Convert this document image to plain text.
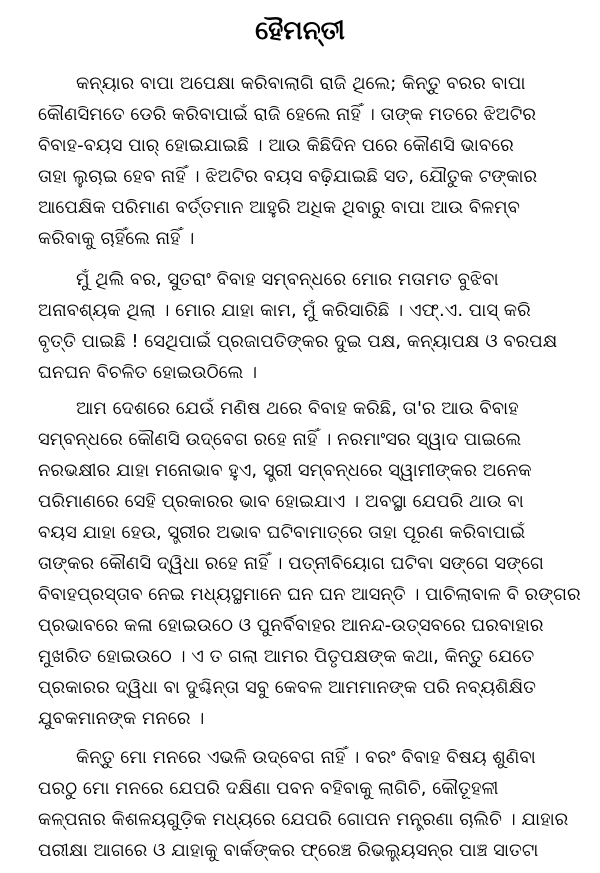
ହୈମନ୍ତୀ
କନ୍ୟାର ବାପା ଅପେକ୍ଷା କରିବାଲାଗି ରାଜି ଥିଲେ; କିନ୍ତୁ ବରର ବାପା
କୌଣସିମତେ ଡେରି କରିବାପାଇଁ ରାଜି ହେଲେ ନାହିଁ । ତାଙ୍କ ମତରେ ଝିଅଟିର
ବିବାହ-ବୟସ ପାର୍ ହୋଇଯାଇଛି । ଆଉ କିଛିଦିନ ପରେ କୌଣସି ଭାବରେ
ତାହା ଲୁଚାଇ ହେବ ନାହିଁ । ଝିଅଟିର ବୟସ ବଢ଼ିଯାଇଛି ସତ, ଯୌତୁକ ଟଙ୍କାର
ଆପେକ୍ଷିକ ପରିମାଣ ବର୍ତ୍ତମାନ ଆହୁରି ଅଧିକ ଥିବାରୁ ବାପା ଆଉ ବିଳମ୍ବ
କରିବାକୁ ଚାହିଁଲେ ନାହିଁ ।
ମୁଁ ଥିଲି ବର, ସୁତରାଂ ବିବାହ ସମ୍ବନ୍ଧରେ ମୋର ମତାମତ ବୁଝିବା
ଅନାବଶ୍ୟକ ଥିଲା । ମୋର ଯାହା କାମ, ମୁଁ କରିସାରିଛି । ଏଫ୍.ଏ. ପାସ୍ କରି
ବୃତ୍ତି ପାଇଛି ! ସେଥିପାଇଁ ପ୍ରଜାପତିଙ୍କର ଦୁଇ ପକ୍ଷ, କନ୍ୟାପକ୍ଷ ଓ ବରପକ୍ଷ
ଘନଘନ ବିଚଳିତ ହୋଇଉଠିଲେ ।
ଆମ ଦେଶରେ ଯେଉଁ ମଣିଷ ଥରେ ବିବାହ କରିଛି, ତା'ର ଆଉ ବିବାହ
ସମ୍ବନ୍ଧରେ କୌଣସି ଉଦ୍‌ବେଗ ରହେ ନାହିଁ । ନରମାଂସର ସ୍ୱାଦ ପାଇଲେ
ନରଭକ୍ଷୀର ଯାହା ମନୋଭାବ ହୁଏ, ସ୍ତ୍ରୀ ସମ୍ବନ୍ଧରେ ସ୍ୱାମୀଙ୍କର ଅନେକ
ପରିମାଣରେ ସେହି ପ୍ରକାରର ଭାବ ହୋଇଯାଏ । ଅବସ୍ଥା ଯେପରି ଥାଉ ବା
ବୟସ ଯାହା ହେଉ, ସ୍ତ୍ରୀର ଅଭାବ ଘଟିବାମାତ୍ରେ ତାହା ପୂରଣ କରିବାପାଇଁ
ତାଙ୍କର କୌଣସି ଦ୍ୱିଧା ରହେ ନାହିଁ । ପତ୍ନୀବିୟୋଗ ଘଟିବା ସଙ୍ଗେ ସଙ୍ଗେ
ବିବାହପ୍ରସ୍ତାବ ନେଇ ମଧ୍ୟସ୍ଥମାନେ ଘନ ଘନ ଆସନ୍ତି । ପାଚିଲାବାଳ ବି ରଙ୍ଗର
ପ୍ରଭାବରେ କଳା ହୋଇଉଠେ ଓ ପୁନର୍ବିବାହର ଆନନ୍ଦ-ଉତ୍ସବରେ ଘରବାହାର
ମୁଖରିତ ହୋଇଉଠେ । ଏ ତ ଗଲା ଆମର ପିତୃପକ୍ଷଙ୍କ କଥା, କିନ୍ତୁ ଯେତେ
ପ୍ରକାରର ଦ୍ୱିଧା ବା ଦୁଶ୍ଚିନ୍ତା ସବୁ କେବଳ ଆମମାନଙ୍କ ପରି ନବ୍ୟଶିକ୍ଷିତ
ଯୁବକମାନଙ୍କ ମନରେ ।
କିନ୍ତୁ ମୋ ମନରେ ଏଭଳି ଉଦ୍‌ବେଗ ନାହିଁ । ବରଂ ବିବାହ ବିଷୟ ଶୁଣିବା
ପରଠୁ ମୋ ମନରେ ଯେପରି ଦକ୍ଷିଣା ପବନ ବହିବାକୁ ଲାଗିଚି, କୌତୂହଳୀ
କଳ୍ପନାର କିଶଳୟଗୁଡ଼ିକ ମଧ୍ୟରେ ଯେପରି ଗୋପନ ମନ୍ତ୍ରଣା ଚାଲିଚି । ଯାହାର
ପରୀକ୍ଷା ଆଗରେ ଓ ଯାହାକୁ ବାର୍କଙ୍କର ଫ୍ରେଞ୍ଚ ରିଭଲ୍ୟୁସନ୍‌ର ପାଞ୍ଚ ସାତଟା
